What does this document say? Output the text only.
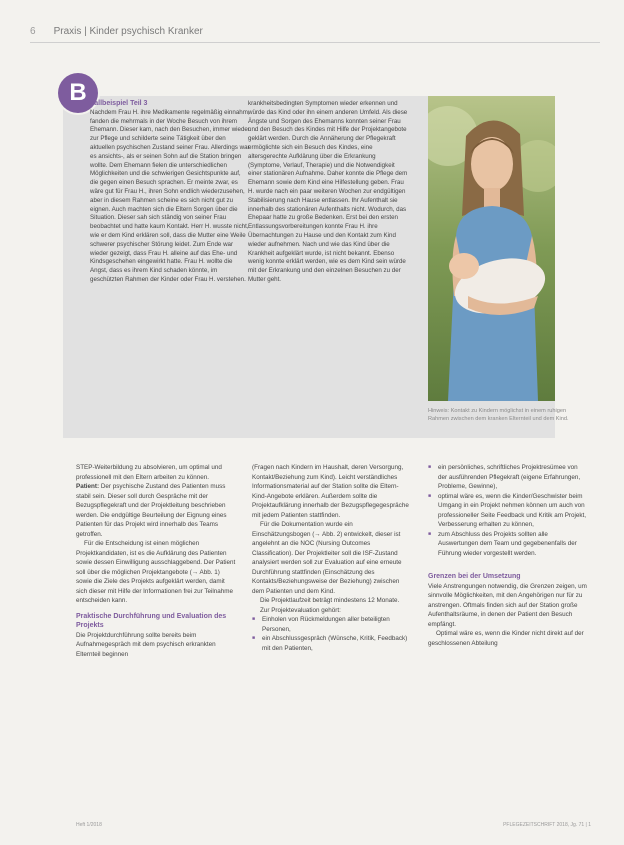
6 Praxis | Kinder psychisch Kranker
B Fallbeispiel Teil 3

Nachdem Frau H. ihre Medikamente regelmäßig einnahm, fanden die mehrmals in der Woche Besuch von ihrem Ehemann. Dieser kam, nach den Besuchen, immer wieder zur Pflege und schilderte seine Tätigkeit über den aktuellen psychischen Zustand seiner Frau. Allerdings war es ansichts-, als er seinen Sohn auf die Station bringen wollte. Dem Ehemann fielen die unterschiedlichen Möglichkeiten und die schwierigen Gesichtspunkte auf, die gegen einen Besuch sprachen. Er meinte zwar, es wäre gut für Frau H., ihren Sohn endlich wiederzusehen, aber in diesem Rahmen scheine es sich nicht gut zu eignen. Auch machten sich die Eltern Sorgen über die Situation. Dieser sah sich ständig von seiner Frau beobachtet und hatte kaum Kontakt. Herr H. wusste nicht, wie er dem Kind erklären soll, dass die Mutter eine Weile schwerer psychischer Störung leidet. Zum Ende war wieder gezeigt, dass Frau H. alleine auf das Ehe- und Kindsgeschehen eingewirkt hatte. Frau H. wollte die Angst, dass es ihrem Kind schaden könnte, im geschützten Rahmen der Kinder oder Frau H. verstehen.

krankheitsbedingten Symptomen wieder erkennen und würde das Kind oder ihn einem anderen Umfeld. Als diese Ängste und Sorgen des Ehemanns konnten seiner Frau und den Besuch des Kindes mit Hilfe der Projektangebote geklärt werden. Durch die Annäherung der Pflegekraft ermöglichte sich ein Besuch des Kindes, eine altersgerechte Aufklärung über die Erkrankung (Symptome, Verlauf, Therapie) und die Notwendigkeit einer stationären Aufnahme. Daher konnte die Pflege dem Ehemann sowie dem Kind eine Hilfestellung geben. Frau H. wurde nach ein paar weiteren Wochen zur endgültigen Stabilisierung nach Hause entlassen. Ihr Aufenthalt sie innerhalb des stationären Aufenthalts nicht. Wodurch, das Ehepaar hatte zu große Bedenken. Erst bei den ersten Entlassungsvorbereitungen konnte Frau H. ihre Übernachtungen zu Hause und den Kontakt zum Kind wieder aufnehmen. Nach und wie das Kind über die Krankheit aufgeklärt wurde, ist nicht bekannt. Ebenso wenig konnte erklärt werden, wie es dem Kind sein würde mit der Erkrankung und den einzelnen Besuchen zu der Mutter geht.

Hinweis: Kontakt zu Kindern möglichst in einem ruhigen Rahmen zwischen dem kranken Elternteil und dem Kind.

STEP-Weiterbildung zu absolvieren, um optimal und professionell mit den Eltern arbeiten zu können.

Patient: Der psychische Zustand des Patienten muss stabil sein. Dieser soll durch Gespräche mit der Bezugspflegekraft und der Projektleitung beschrieben werden. Die endgültige Beurteilung der Eignung eines Patienten für das Projekt wird innerhalb des Teams getroffen.

Für die Entscheidung ist einen möglichen Projektkandidaten, ist es die Aufklärung des Patienten sowie dessen Einwilligung ausschlaggebend. Der Patient soll über die möglichen Projektangebote (→ Abb. 1) sowie die Ziele des Projekts aufgeklärt werden, damit sich dieser mit Hilfe der Informationen frei zur Teilnahme entscheiden kann.

Praktische Durchführung und Evaluation des Projekts

Die Projektdurchführung sollte bereits beim Aufnahmegespräch mit dem psychisch erkrankten Elternteil beginnen

(Fragen nach Kindern im Haushalt, deren Versorgung, Kontakt/Beziehung zum Kind). Leicht verständliches Informationsmaterial auf der Station sollte die Eltern-Kind-Angebote erklären. Außerdem sollte die Projektaufklärung innerhalb der Bezugspflegegespräche mit jedem Patienten stattfinden.

Für die Dokumentation wurde ein Einschätzungsbogen (→ Abb. 2) entwickelt, dieser ist angelehnt an die NOC (Nursing Outcomes Classification). Der Projektleiter soll die ISF-Zustand analysiert werden soll zur Evaluation auf eine erneute Durchführung stattfinden (Einschätzung des Kontakts/Beziehungsweise der Beziehung) zwischen dem Patienten und dem Kind.

Die Projektlaufzeit beträgt mindestens 12 Monate.

Zur Projektevaluation gehört:

■ Einholen von Rückmeldungen aller beteiligten Personen,
■ ein Abschlussgespräch (Wünsche, Kritik, Feedback) mit den Patienten,
■ ein persönliches, schriftliches Projektresümee von der ausführenden Pflegekraft (eigene Erfahrungen, Probleme, Gewinne),
■ optimal wäre es, wenn die Kinder/Geschwister beim Umgang in ein Projekt nehmen können um auch von professioneller Seite Feedback und Kritik am Projekt, Verbesserung erhalten zu können,
■ zum Abschluss des Projekts sollten alle Auswertungen dem Team und gegebenenfalls der Führung wieder vorgestellt werden.

Grenzen bei der Umsetzung

Viele Anstrengungen notwendig, die Grenzen zeigen, um sinnvolle Möglichkeiten, mit den Angehörigen nur für zu anstrengen. Oftmals finden sich auf der Station große Aufenthaltsräume, in denen der Patient den Besuch empfängt.

Optimal wäre es, wenn die Kinder nicht direkt auf der geschlossenen Abteilung

Heft 1/2018	PFLEGEZEITSCHRIFT 2018, Jg. 71 | 1
